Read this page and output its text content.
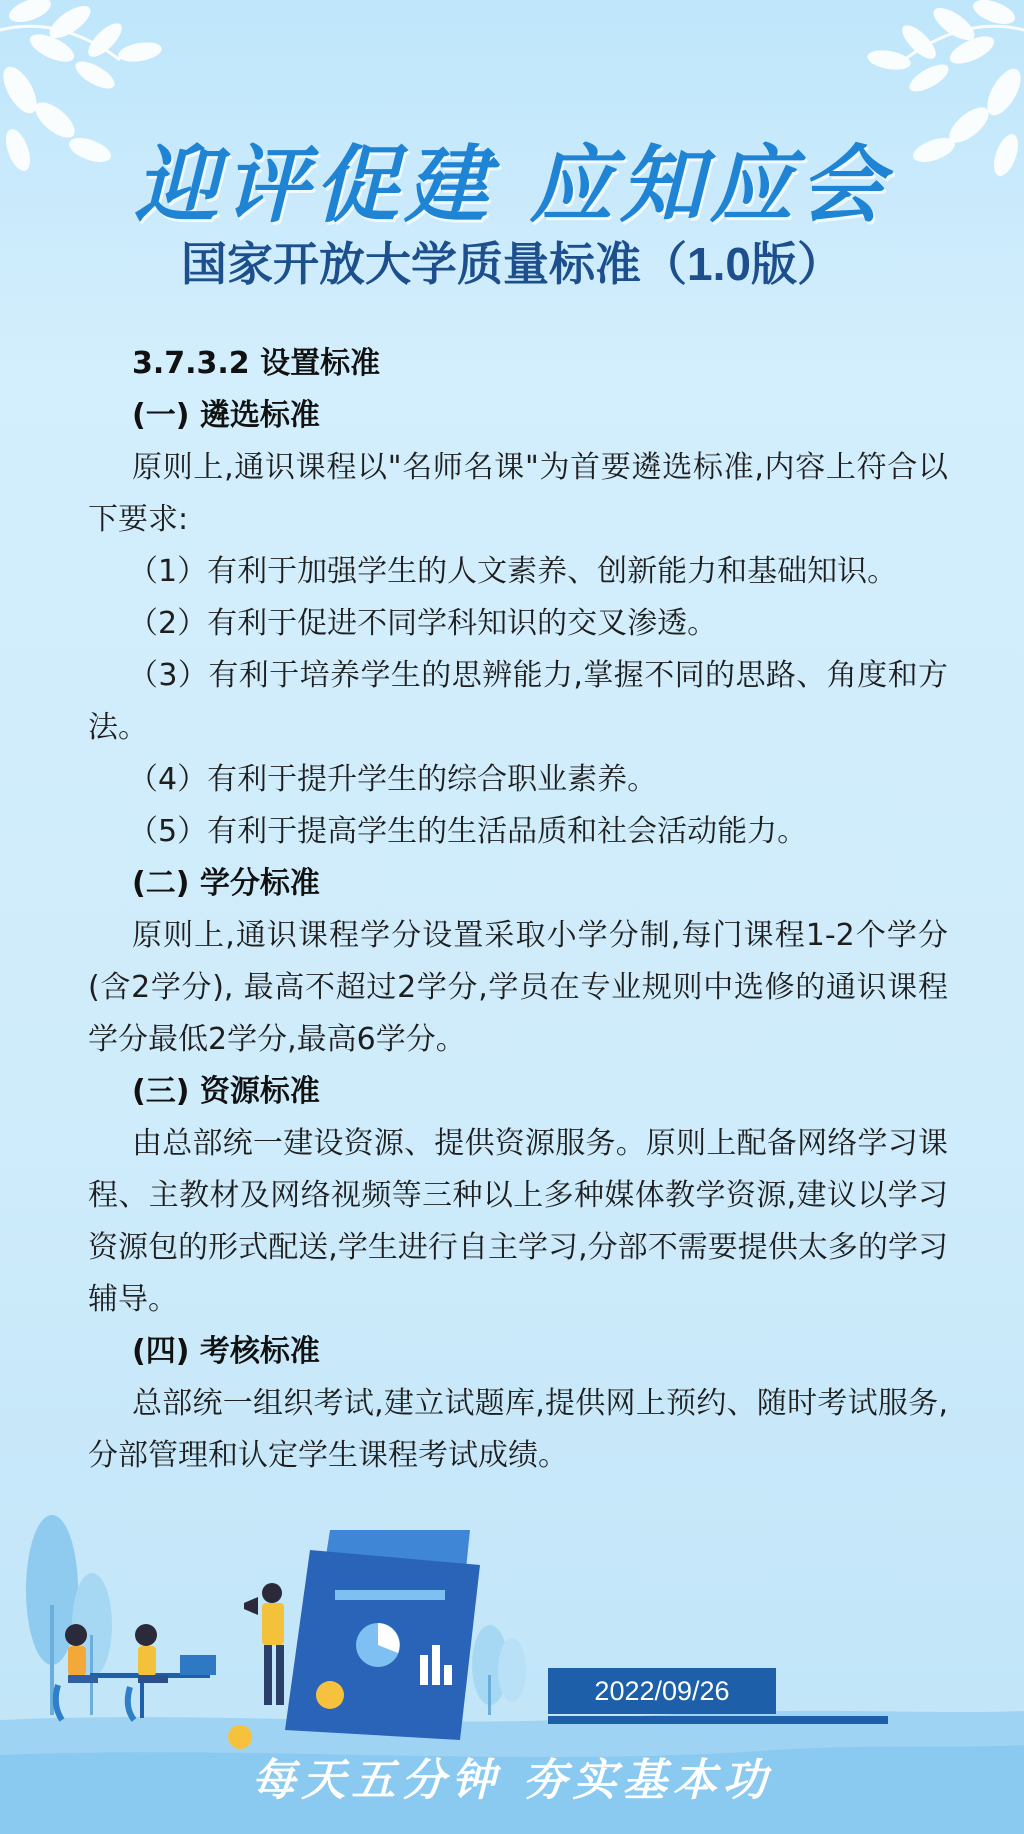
迎评促建 应知应会
国家开放大学质量标准（1.0版）
3.7.3.2 设置标准
(一) 遴选标准

原则上,通识课程以"名师名课"为首要遴选标准,内容上符合以下要求:

（1）有利于加强学生的人文素养、创新能力和基础知识。

（2）有利于促进不同学科知识的交叉渗透。

（3）有利于培养学生的思辨能力,掌握不同的思路、角度和方法。

（4）有利于提升学生的综合职业素养。

（5）有利于提高学生的生活品质和社会活动能力。

(二) 学分标准

原则上,通识课程学分设置采取小学分制,每门课程1-2个学分(含2学分), 最高不超过2学分,学员在专业规则中选修的通识课程学分最低2学分,最高6学分。

(三) 资源标准

由总部统一建设资源、提供资源服务。原则上配备网络学习课程、主教材及网络视频等三种以上多种媒体教学资源,建议以学习资源包的形式配送,学生进行自主学习,分部不需要提供太多的学习辅导。

(四) 考核标准

总部统一组织考试,建立试题库,提供网上预约、随时考试服务,分部管理和认定学生课程考试成绩。

2022/09/26
每天五分钟 夯实基本功
